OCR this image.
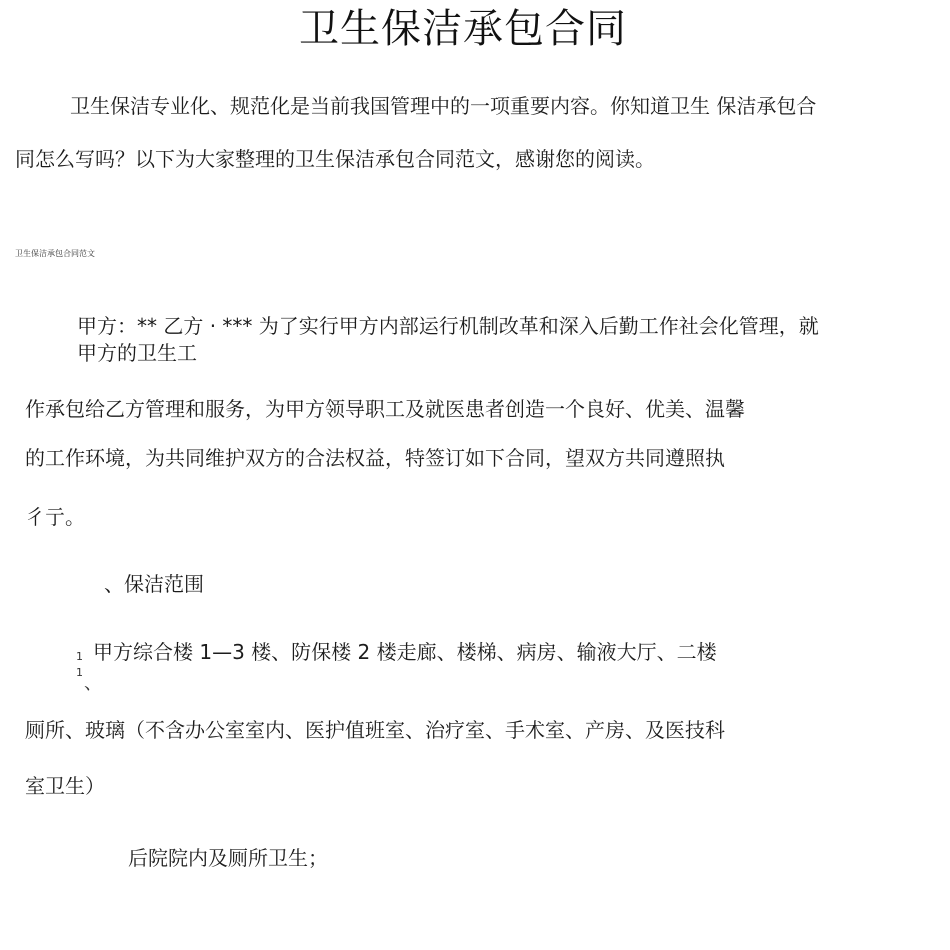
卫生保洁承包合同
卫生保洁专业化、规范化是当前我国管理中的一项重要内容。你知道卫生 保洁承包合
同怎么写吗？以下为大家整理的卫生保洁承包合同范文，感谢您的阅读。
卫生保洁承包合同范文
甲方：** 乙方 · *** 为了实行甲方内部运行机制改革和深入后勤工作社会化管理，就
甲方的卫生工
作承包给乙方管理和服务，为甲方领导职工及就医患者创造一个良好、优美、温馨
的工作环境，为共同维护双方的合法权益，特签订如下合同，望双方共同遵照执
彳亍。
、保洁范围
1
1
、
甲方综合楼 1—3 楼、防保楼 2 楼走廊、楼梯、病房、输液大厅、二楼
厕所、玻璃（不含办公室室内、医护值班室、治疗室、手术室、产房、及医技科
室卫生）
后院院内及厕所卫生；
